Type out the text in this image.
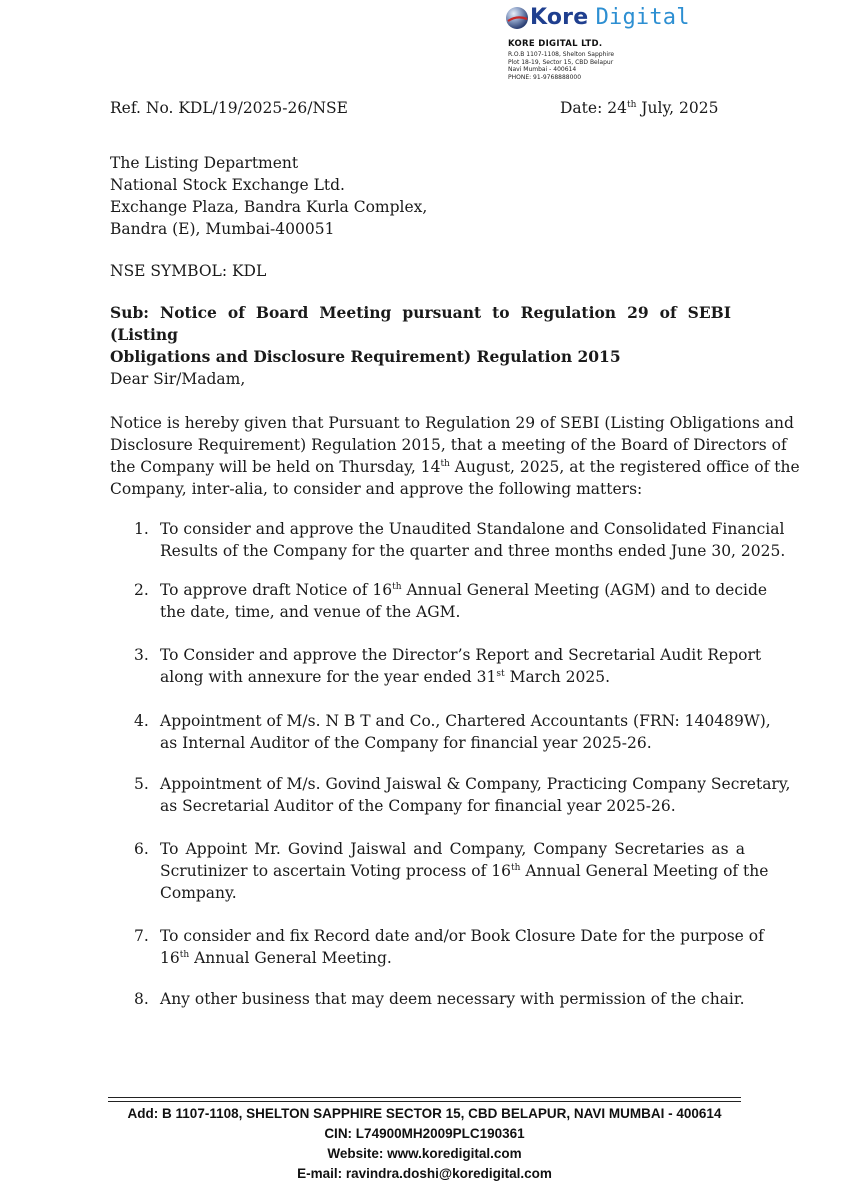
Kore Digital
KORE DIGITAL LTD.
R.O.B 1107-1108, Shelton Sapphire
Plot 18-19, Sector 15, CBD Belapur
Navi Mumbai - 400614
PHONE: 91-9768888000
Ref. No. KDL/19/2025-26/NSE	Date: 24th July, 2025
The Listing Department
National Stock Exchange Ltd.
Exchange Plaza, Bandra Kurla Complex,
Bandra (E), Mumbai-400051
NSE SYMBOL: KDL
Sub: Notice of Board Meeting pursuant to Regulation 29 of SEBI (Listing
Obligations and Disclosure Requirement) Regulation 2015
Dear Sir/Madam,
Notice is hereby given that Pursuant to Regulation 29 of SEBI (Listing Obligations and
Disclosure Requirement) Regulation 2015, that a meeting of the Board of Directors of
the Company will be held on Thursday, 14th August, 2025, at the registered office of the
Company, inter-alia, to consider and approve the following matters:
1. To consider and approve the Unaudited Standalone and Consolidated Financial
Results of the Company for the quarter and three months ended June 30, 2025.
2. To approve draft Notice of 16th Annual General Meeting (AGM) and to decide
the date, time, and venue of the AGM.
3. To Consider and approve the Director’s Report and Secretarial Audit Report
along with annexure for the year ended 31st March 2025.
4. Appointment of M/s. N B T and Co., Chartered Accountants (FRN: 140489W),
as Internal Auditor of the Company for financial year 2025-26.
5. Appointment of M/s. Govind Jaiswal & Company, Practicing Company Secretary,
as Secretarial Auditor of the Company for financial year 2025-26.
6. To Appoint Mr. Govind Jaiswal and Company, Company Secretaries as a
Scrutinizer to ascertain Voting process of 16th Annual General Meeting of the
Company.
7. To consider and fix Record date and/or Book Closure Date for the purpose of
16th Annual General Meeting.
8. Any other business that may deem necessary with permission of the chair.
Add: B 1107-1108, SHELTON SAPPHIRE SECTOR 15, CBD BELAPUR, NAVI MUMBAI - 400614
CIN: L74900MH2009PLC190361
Website: www.koredigital.com
E-mail: ravindra.doshi@koredigital.com
